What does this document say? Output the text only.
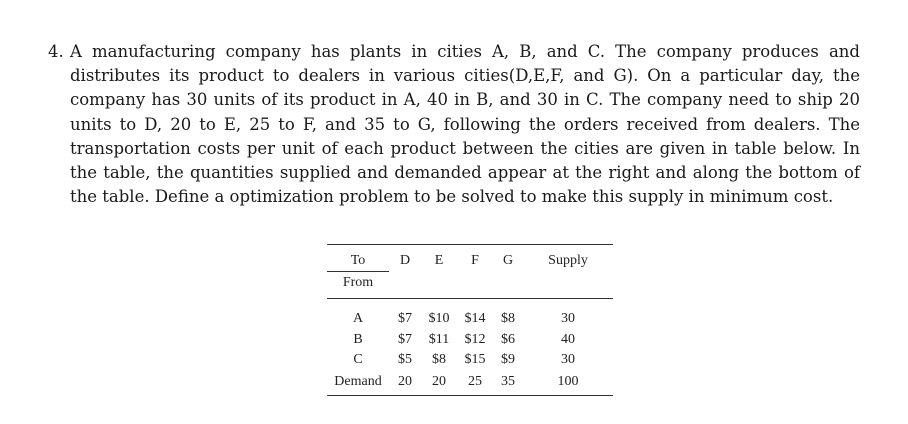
4. A manufacturing company has plants in cities A, B, and C. The company produces and distributes its product to dealers in various cities(D,E,F, and G). On a particular day, the company has 30 units of its product in A, 40 in B, and 30 in C. The company need to ship 20 units to D, 20 to E, 25 to F, and 35 to G, following the orders received from dealers. The transportation costs per unit of each product between the cities are given in table below. In the table, the quantities supplied and demanded appear at the right and along the bottom of the table. Define a optimization problem to be solved to make this supply in minimum cost.

To	D	E	F	G	Supply
From					

A	$7	$10	$14	$8	30
B	$7	$11	$12	$6	40
C	$5	$8	$15	$9	30
Demand	20	20	25	35	100
